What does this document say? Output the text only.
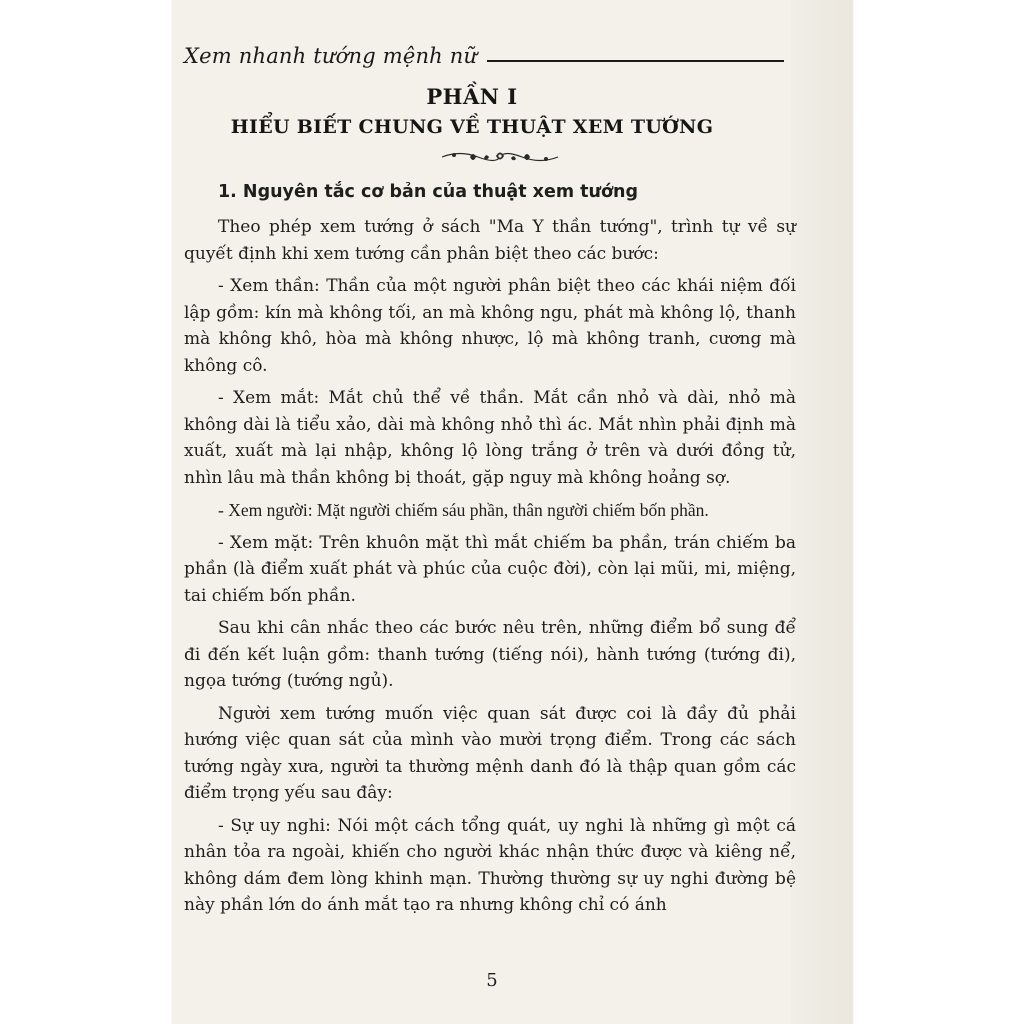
Xem nhanh tướng mệnh nữ
PHẦN I
HIỂU BIẾT CHUNG VỀ THUẬT XEM TƯỚNG
1. Nguyên tắc cơ bản của thuật xem tướng

Theo phép xem tướng ở sách "Ma Y thần tướng", trình tự về sự quyết định khi xem tướng cần phân biệt theo các bước:

- Xem thần: Thần của một người phân biệt theo các khái niệm đối lập gồm: kín mà không tối, an mà không ngu, phát mà không lộ, thanh mà không khô, hòa mà không nhược, lộ mà không tranh, cương mà không cô.

- Xem mắt: Mắt chủ thể về thần. Mắt cần nhỏ và dài, nhỏ mà không dài là tiểu xảo, dài mà không nhỏ thì ác. Mắt nhìn phải định mà xuất, xuất mà lại nhập, không lộ lòng trắng ở trên và dưới đồng tử, nhìn lâu mà thần không bị thoát, gặp nguy mà không hoảng sợ.

- Xem người: Mặt người chiếm sáu phần, thân người chiếm bốn phần.

- Xem mặt: Trên khuôn mặt thì mắt chiếm ba phần, trán chiếm ba phần (là điểm xuất phát và phúc của cuộc đời), còn lại mũi, mi, miệng, tai chiếm bốn phần.

Sau khi cân nhắc theo các bước nêu trên, những điểm bổ sung để đi đến kết luận gồm: thanh tướng (tiếng nói), hành tướng (tướng đi), ngọa tướng (tướng ngủ).

Người xem tướng muốn việc quan sát được coi là đầy đủ phải hướng việc quan sát của mình vào mười trọng điểm. Trong các sách tướng ngày xưa, người ta thường mệnh danh đó là thập quan gồm các điểm trọng yếu sau đây:

- Sự uy nghi: Nói một cách tổng quát, uy nghi là những gì một cá nhân tỏa ra ngoài, khiến cho người khác nhận thức được và kiêng nể, không dám đem lòng khinh mạn. Thường thường sự uy nghi đường bệ này phần lớn do ánh mắt tạo ra nhưng không chỉ có ánh

5
